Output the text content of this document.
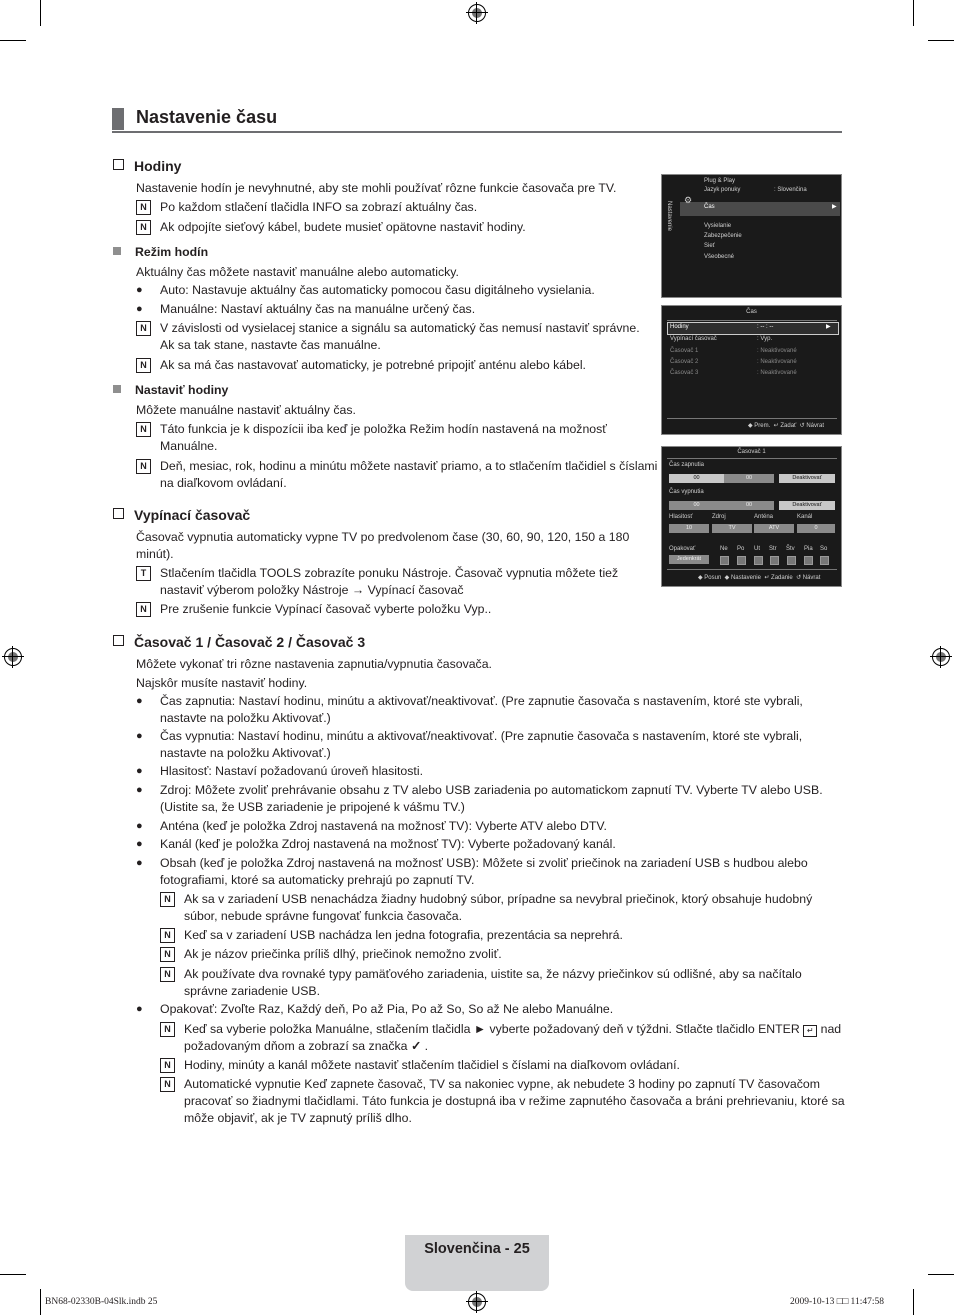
Nastavenie času
Hodiny
Nastavenie hodín je nevyhnutné, aby ste mohli používať rôzne funkcie časovača pre TV.
N	Po každom stlačení tlačidla INFO sa zobrazí aktuálny čas.
N	Ak odpojíte sieťový kábel, budete musieť opätovne nastaviť hodiny.
Režim hodín
Aktuálny čas môžete nastaviť manuálne alebo automaticky.
● Auto: Nastavuje aktuálny čas automaticky pomocou času digitálneho vysielania.
● Manuálne: Nastaví aktuálny čas na manuálne určený čas.
N	V závislosti od vysielacej stanice a signálu sa automatický čas nemusí nastaviť správne.
Ak sa tak stane, nastavte čas manuálne.
N	Ak sa má čas nastavovať automaticky, je potrebné pripojiť anténu alebo kábel.
Nastaviť hodiny
Môžete manuálne nastaviť aktuálny čas.
N	Táto funkcia je k dispozícii iba keď je položka Režim hodín nastavená na možnosť
Manuálne.
N	Deň, mesiac, rok, hodinu a minútu môžete nastaviť priamo, a to stlačením tlačidiel s číslami
na diaľkovom ovládaní.
Vypínací časovač
Časovač vypnutia automaticky vypne TV po predvolenom čase (30, 60, 90, 120, 150 a 180
minút).
T	Stlačením tlačidla TOOLS zobrazíte ponuku Nástroje. Časovač vypnutia môžete tiež
nastaviť výberom položky Nástroje → Vypínací časovač
N	Pre zrušenie funkcie Vypínací časovač vyberte položku Vyp..
Časovač 1 / Časovač 2 / Časovač 3
Môžete vykonať tri rôzne nastavenia zapnutia/vypnutia časovača.
Najskôr musíte nastaviť hodiny.
● Čas zapnutia: Nastaví hodinu, minútu a aktivovať/neaktivovať. (Pre zapnutie časovača s nastavením, ktoré ste vybrali,
nastavte na položku Aktivovať.)
● Čas vypnutia: Nastaví hodinu, minútu a aktivovať/neaktivovať. (Pre zapnutie časovača s nastavením, ktoré ste vybrali,
nastavte na položku Aktivovať.)
● Hlasitosť: Nastaví požadovanú úroveň hlasitosti.
● Zdroj: Môžete zvoliť prehrávanie obsahu z TV alebo USB zariadenia po automatickom zapnutí TV. Vyberte TV alebo USB.
(Uistite sa, že USB zariadenie je pripojené k vášmu TV.)
● Anténa (keď je položka Zdroj nastavená na možnosť TV): Vyberte ATV alebo DTV.
● Kanál (keď je položka Zdroj nastavená na možnosť TV): Vyberte požadovaný kanál.
● Obsah (keď je položka Zdroj nastavená na možnosť USB): Môžete si zvoliť priečinok na zariadení USB s hudbou alebo
fotografiami, ktoré sa automaticky prehrajú po zapnutí TV.
N	Ak sa v zariadení USB nenachádza žiadny hudobný súbor, prípadne sa nevybral priečinok, ktorý obsahuje hudobný
súbor, nebude správne fungovať funkcia časovača.
N	Keď sa v zariadení USB nachádza len jedna fotografia, prezentácia sa neprehrá.
N	Ak je názov priečinka príliš dlhý, priečinok nemožno zvoliť.
N	Ak používate dva rovnaké typy pamäťového zariadenia, uistite sa, že názvy priečinkov sú odlišné, aby sa načítalo
správne zariadenie USB.
● Opakovať: Zvoľte Raz, Každý deň, Po až Pia, Po až So, So až Ne alebo Manuálne.
N	Keď sa vyberie položka Manuálne, stlačením tlačidla ► vyberte požadovaný deň v týždni. Stlačte tlačidlo ENTER ↵ nad
požadovaným dňom a zobrazí sa značka ✓ .
N	Hodiny, minúty a kanál môžete nastaviť stlačením tlačidiel s číslami na diaľkovom ovládaní.
N	Automatické vypnutie Keď zapnete časovač, TV sa nakoniec vypne, ak nebudete 3 hodiny po zapnutí TV časovačom
pracovať so žiadnymi tlačidlami. Táto funkcia je dostupná iba v režime zapnutého časovača a bráni prehrievaniu, ktoré sa
môže objaviť, ak je TV zapnutý príliš dlho.
Nastavenie
⚙
Plug & Play
Jazyk ponuky	: Slovenčina
Čas	▶
Vysielanie
Zabezpečenie
Sieť
Všeobecné
Čas
Hodiny	: -- : --	▶
Vypínací časovač	: Vyp.
Časovač 1	: Neaktivované
Časovač 2	: Neaktivované
Časovač 3	: Neaktivované
◆ Prem. ↵ Zadať ↺ Návrat
Časovač 1
Čas zapnutia
00	00	Deaktivovať
Čas vypnutia
00	00	Deaktivovať
Hlasitosť	Zdroj	Anténa	Kanál
10	TV	ATV	0
Opakovať
Jedenkrát
Ne Po Ut Str Štv Pia So
◆ Posun ◆ Nastavenie ↵ Zadanie ↺ Návrat
Slovenčina - 25
BN68-02330B-04Slk.indb 25	2009-10-13 □□ 11:47:58
